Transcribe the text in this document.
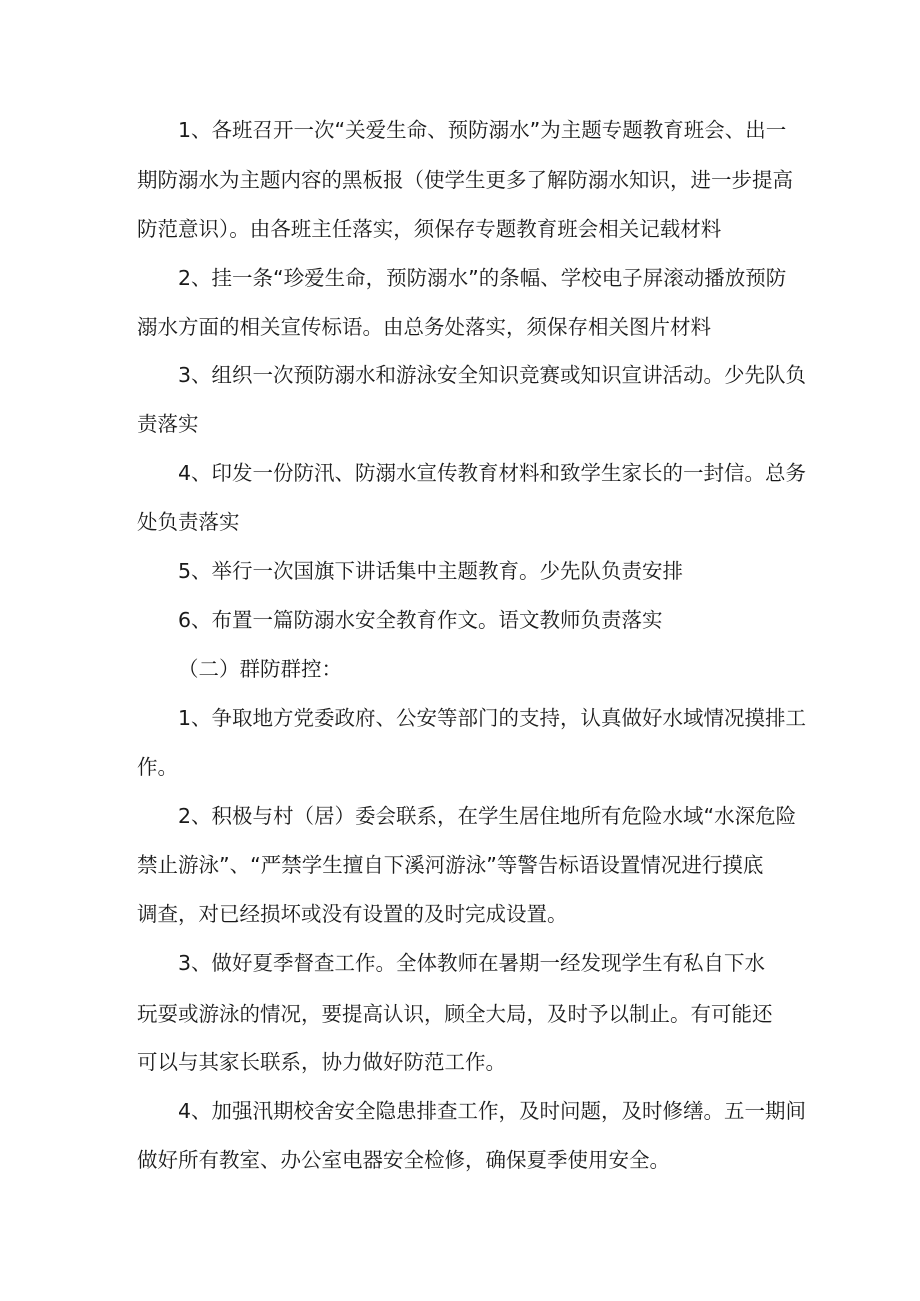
1、各班召开一次“关爱生命、预防溺水”为主题专题教育班会、出一
期防溺水为主题内容的黑板报（使学生更多了解防溺水知识，进一步提高
防范意识）。由各班主任落实，须保存专题教育班会相关记载材料
2、挂一条“珍爱生命，预防溺水”的条幅、学校电子屏滚动播放预防
溺水方面的相关宣传标语。由总务处落实，须保存相关图片材料
3、组织一次预防溺水和游泳安全知识竞赛或知识宣讲活动。少先队负
责落实
4、印发一份防汛、防溺水宣传教育材料和致学生家长的一封信。总务
处负责落实
5、举行一次国旗下讲话集中主题教育。少先队负责安排
6、布置一篇防溺水安全教育作文。语文教师负责落实
（二）群防群控：
1、争取地方党委政府、公安等部门的支持，认真做好水域情况摸排工
作。
2、积极与村（居）委会联系，在学生居住地所有危险水域“水深危险
禁止游泳”、“严禁学生擅自下溪河游泳”等警告标语设置情况进行摸底
调查，对已经损坏或没有设置的及时完成设置。
3、做好夏季督查工作。全体教师在暑期一经发现学生有私自下水
玩耍或游泳的情况，要提高认识，顾全大局，及时予以制止。有可能还
可以与其家长联系，协力做好防范工作。
4、加强汛期校舍安全隐患排查工作，及时问题，及时修缮。五一期间
做好所有教室、办公室电器安全检修，确保夏季使用安全。
